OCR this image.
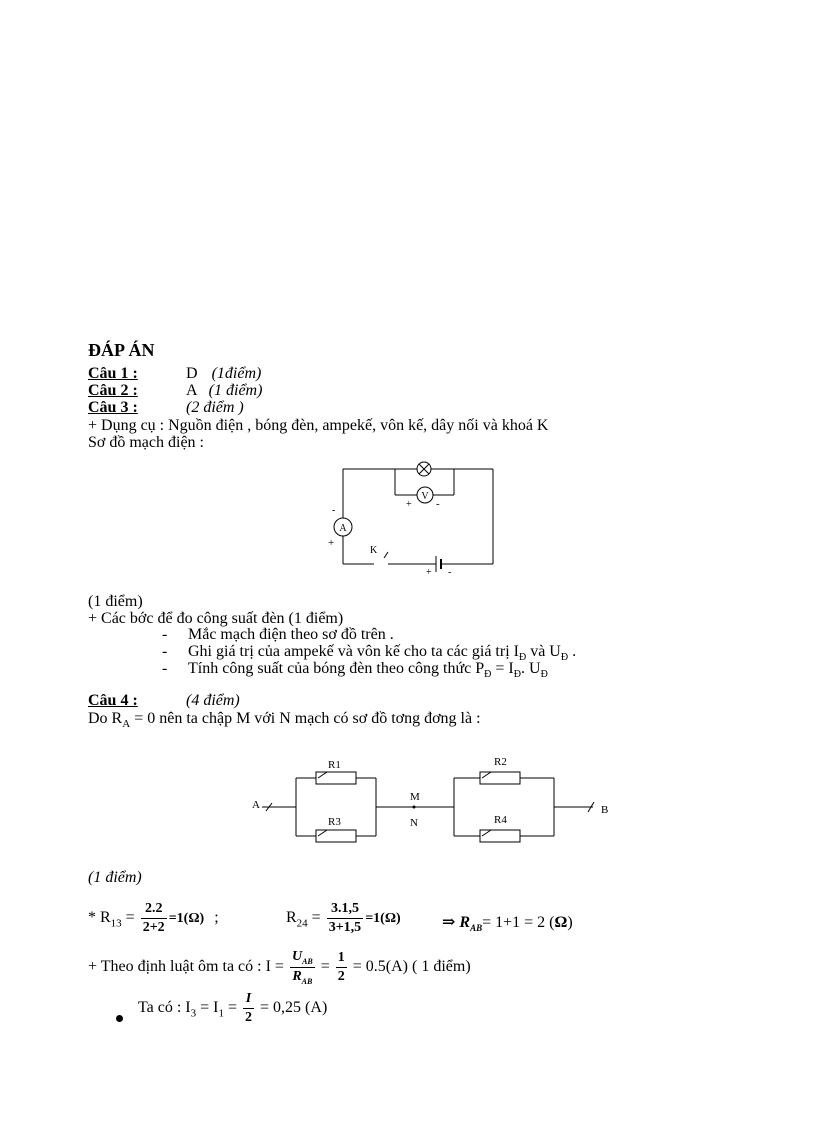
ĐÁP ÁN
Câu 1 :	D (1điểm)
Câu 2 :	A (1 điểm)
Câu 3 :	(2 điểm )
+ Dụng cụ : Nguồn điện , bóng đèn, ampekế, vôn kế, dây nối và khoá K
Sơ đồ mạch điện :
V
A
-
+
+ -
K
+ -
(1 điểm)
+ Các bớc để đo công suất đèn (1 điểm)
- Mắc mạch điện theo sơ đồ trên .
- Ghi giá trị của ampekế và vôn kế cho ta các giá trị $I_Đ$ và $U_Đ$ .
- Tính công suất của bóng đèn theo công thức $P_Đ = I_Đ$. $U_Đ$
Câu 4 :	(4 điểm)
Do $R_A = 0$ nên ta chập M với N mạch có sơ đồ tơng đơng là :
R1
R3
R2
R4
A	B
M
N
(1 điểm)
* $R_{13} = \frac{2.2}{2+2} =1(\Omega)$ ;	$R_{24} = \frac{3.1,5}{3+1,5} =1(\Omega)$	⇒ $R_{AB}= 1+1 = 2$ (Ω)
+ Theo định luật ôm ta có : $I = \frac{U_{AB}}{R_{AB}} = \frac{1}{2} = 0.5(A)$ ( 1 điểm)
Ta có : $I_3 = I_1 = \frac{I}{2} = 0,25$ (A)
